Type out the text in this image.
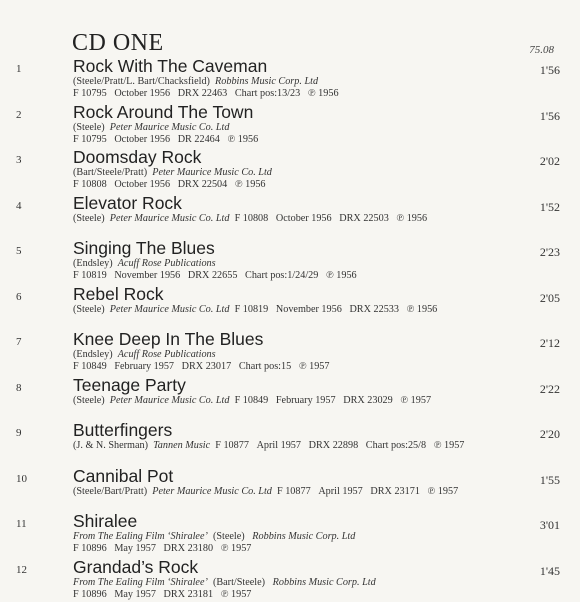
CD ONE	75.08
1	Rock With The Caveman	1'56
(Steele/Pratt/L. Bart/Chacksfield) Robbins Music Corp. Ltd
F 10795   October 1956   DRX 22463   Chart pos:13/23   ℗ 1956
2	Rock Around The Town	1'56
(Steele) Peter Maurice Music Co. Ltd
F 10795   October 1956   DR 22464   ℗ 1956
3	Doomsday Rock	2'02
(Bart/Steele/Pratt) Peter Maurice Music Co. Ltd
F 10808   October 1956   DRX 22504   ℗ 1956
4	Elevator Rock	1'52
(Steele) Peter Maurice Music Co. Ltd F 10808   October 1956   DRX 22503   ℗ 1956
5	Singing The Blues	2'23
(Endsley) Acuff Rose Publications
F 10819   November 1956   DRX 22655   Chart pos:1/24/29   ℗ 1956
6	Rebel Rock	2'05
(Steele) Peter Maurice Music Co. Ltd F 10819   November 1956   DRX 22533   ℗ 1956
7	Knee Deep In The Blues	2'12
(Endsley) Acuff Rose Publications
F 10849   February 1957   DRX 23017   Chart pos:15   ℗ 1957
8	Teenage Party	2'22
(Steele) Peter Maurice Music Co. Ltd F 10849   February 1957   DRX 23029   ℗ 1957
9	Butterfingers	2'20
(J. & N. Sherman) Tannen Music F 10877   April 1957   DRX 22898   Chart pos:25/8   ℗ 1957
10	Cannibal Pot	1'55
(Steele/Bart/Pratt) Peter Maurice Music Co. Ltd F 10877   April 1957   DRX 23171   ℗ 1957
11	Shiralee	3'01
From The Ealing Film ‘Shiralee’ (Steele)   Robbins Music Corp. Ltd
F 10896   May 1957   DRX 23180   ℗ 1957
12	Grandad’s Rock	1'45
From The Ealing Film ‘Shiralee’ (Bart/Steele)   Robbins Music Corp. Ltd
F 10896   May 1957   DRX 23181   ℗ 1957
